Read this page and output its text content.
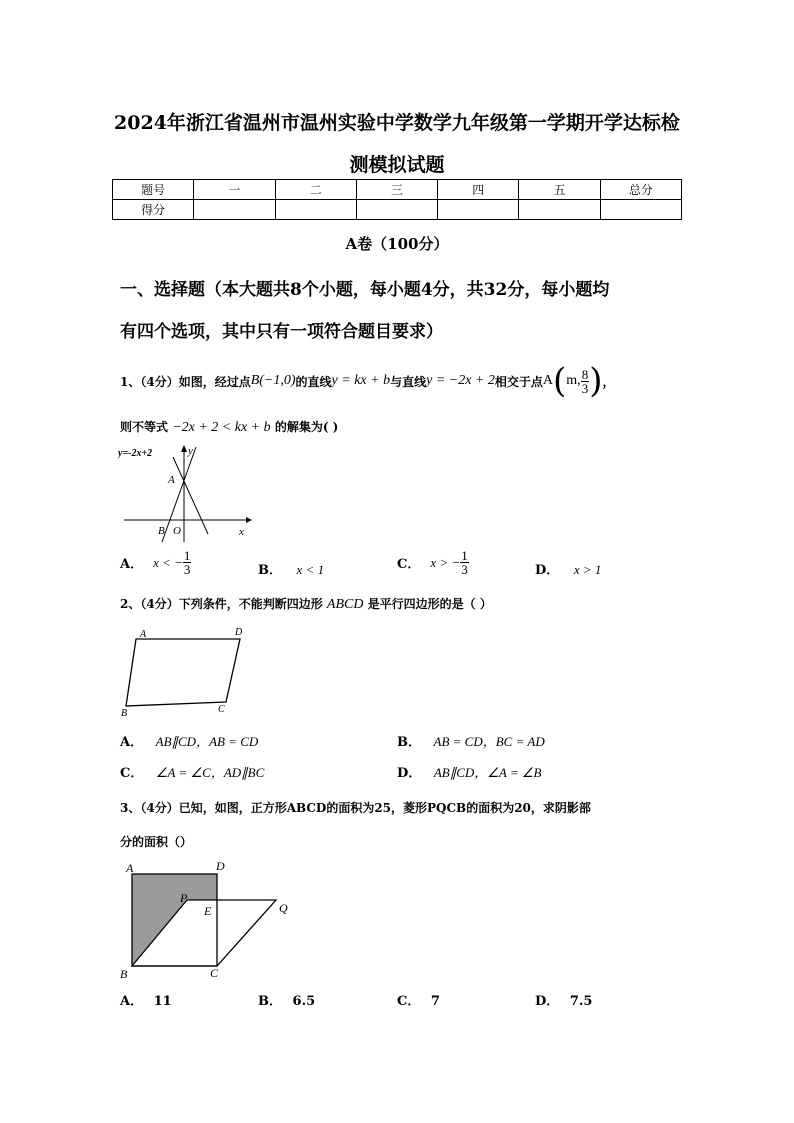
2024年浙江省温州市温州实验中学数学九年级第一学期开学达标检
测模拟试题
题号	一	二	三	四	五	总分
得分						
A卷（100分）
一、选择题（本大题共8个小题，每小题4分，共32分，每小题均
有四个选项，其中只有一项符合题目要求）
1、（4分）如图，经过点 B(−1,0) 的直线 y = kx + b 与直线 y = −2x + 2 相交于点 A ( m, $\frac{8}{3}$ ) ，
则不等式 −2x + 2 < kx + b 的解集为( )
y=-2x+2	y
x
A
B O
A． x < − $\frac{1}{3}$	B． x < 1	C． x > − $\frac{1}{3}$	D． x > 1
2、（4分）下列条件，不能判断四边形 ABCD 是平行四边形的是（ ）
A	D
B	C
A． AB∥CD，AB = CD	B． AB = CD，BC = AD
C． ∠A = ∠C，AD∥BC	D． AB∥CD，∠A = ∠B
3、（4分）已知，如图，正方形ABCD的面积为25，菱形PQCB的面积为20，求阴影部
分的面积（）
A	D
P
E	Q
B	C
A． 11	B． 6.5	C． 7	D． 7.5
